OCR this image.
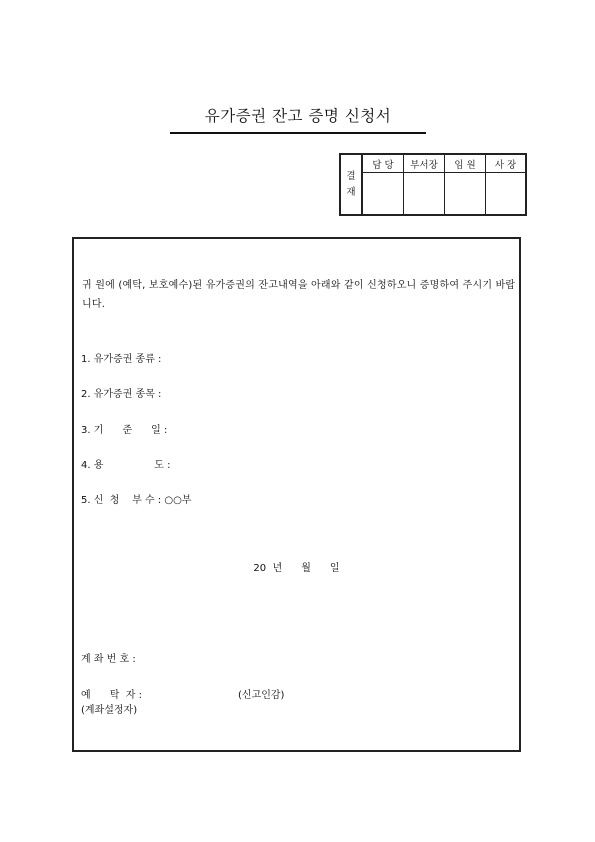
유가증권 잔고 증명 신청서
결
재	담 당	부서장	임 원	사 장

귀 원에 (예탁, 보호예수)된 유가증권의 잔고내역을 아래와 같이 신청하오니 증명하여 주시기 바랍니다.
1. 유가증권 종류 :
2. 유가증권 종목 :
3. 기      준      일 :
4. 용                도 :
5. 신  청    부 수 : ○○부
20  년      월      일
계 좌 번 호 :
예      탁  자 :	(신고인감)
(계좌설정자)
